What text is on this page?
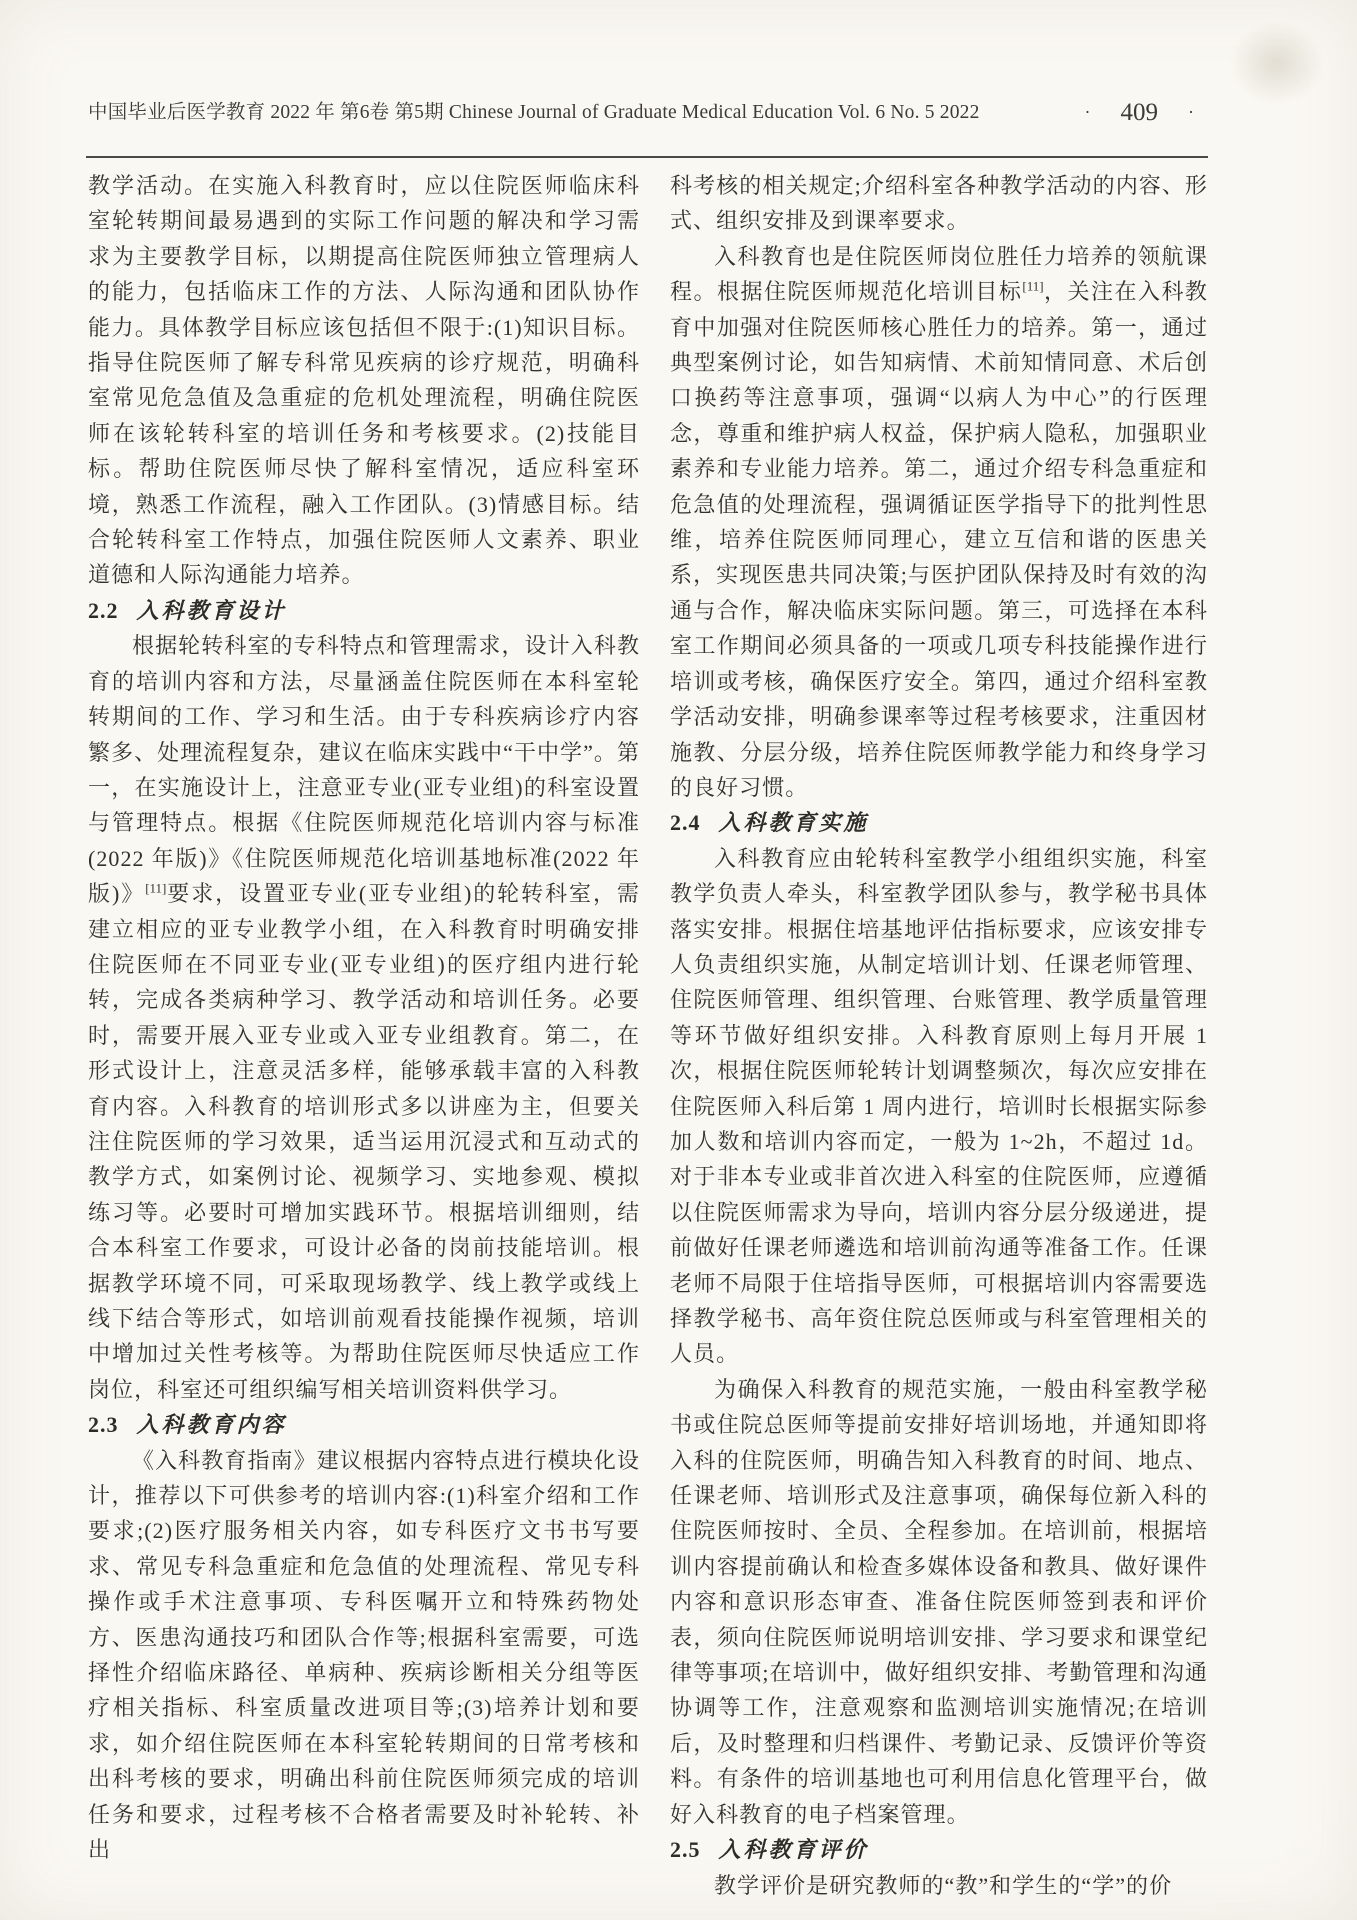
中国毕业后医学教育 2022 年 第6卷 第5期 Chinese Journal of Graduate Medical Education Vol. 6 No. 5 2022	· 409 ·

教学活动。在实施入科教育时，应以住院医师临床科室轮转期间最易遇到的实际工作问题的解决和学习需求为主要教学目标，以期提高住院医师独立管理病人的能力，包括临床工作的方法、人际沟通和团队协作能力。具体教学目标应该包括但不限于:(1)知识目标。指导住院医师了解专科常见疾病的诊疗规范，明确科室常见危急值及急重症的危机处理流程，明确住院医师在该轮转科室的培训任务和考核要求。(2)技能目标。帮助住院医师尽快了解科室情况，适应科室环境，熟悉工作流程，融入工作团队。(3)情感目标。结合轮转科室工作特点，加强住院医师人文素养、职业道德和人际沟通能力培养。

2.2 入科教育设计

根据轮转科室的专科特点和管理需求，设计入科教育的培训内容和方法，尽量涵盖住院医师在本科室轮转期间的工作、学习和生活。由于专科疾病诊疗内容繁多、处理流程复杂，建议在临床实践中“干中学”。第一，在实施设计上，注意亚专业(亚专业组)的科室设置与管理特点。根据《住院医师规范化培训内容与标准(2022 年版)》《住院医师规范化培训基地标准(2022 年版)》[11]要求，设置亚专业(亚专业组)的轮转科室，需建立相应的亚专业教学小组，在入科教育时明确安排住院医师在不同亚专业(亚专业组)的医疗组内进行轮转，完成各类病种学习、教学活动和培训任务。必要时，需要开展入亚专业或入亚专业组教育。第二，在形式设计上，注意灵活多样，能够承载丰富的入科教育内容。入科教育的培训形式多以讲座为主，但要关注住院医师的学习效果，适当运用沉浸式和互动式的教学方式，如案例讨论、视频学习、实地参观、模拟练习等。必要时可增加实践环节。根据培训细则，结合本科室工作要求，可设计必备的岗前技能培训。根据教学环境不同，可采取现场教学、线上教学或线上线下结合等形式，如培训前观看技能操作视频，培训中增加过关性考核等。为帮助住院医师尽快适应工作岗位，科室还可组织编写相关培训资料供学习。

2.3 入科教育内容

《入科教育指南》建议根据内容特点进行模块化设计，推荐以下可供参考的培训内容:(1)科室介绍和工作要求;(2)医疗服务相关内容，如专科医疗文书书写要求、常见专科急重症和危急值的处理流程、常见专科操作或手术注意事项、专科医嘱开立和特殊药物处方、医患沟通技巧和团队合作等;根据科室需要，可选择性介绍临床路径、单病种、疾病诊断相关分组等医疗相关指标、科室质量改进项目等;(3)培养计划和要求，如介绍住院医师在本科室轮转期间的日常考核和出科考核的要求，明确出科前住院医师须完成的培训任务和要求，过程考核不合格者需要及时补轮转、补出

科考核的相关规定;介绍科室各种教学活动的内容、形式、组织安排及到课率要求。

入科教育也是住院医师岗位胜任力培养的领航课程。根据住院医师规范化培训目标[11]，关注在入科教育中加强对住院医师核心胜任力的培养。第一，通过典型案例讨论，如告知病情、术前知情同意、术后创口换药等注意事项，强调“以病人为中心”的行医理念，尊重和维护病人权益，保护病人隐私，加强职业素养和专业能力培养。第二，通过介绍专科急重症和危急值的处理流程，强调循证医学指导下的批判性思维，培养住院医师同理心，建立互信和谐的医患关系，实现医患共同决策;与医护团队保持及时有效的沟通与合作，解决临床实际问题。第三，可选择在本科室工作期间必须具备的一项或几项专科技能操作进行培训或考核，确保医疗安全。第四，通过介绍科室教学活动安排，明确参课率等过程考核要求，注重因材施教、分层分级，培养住院医师教学能力和终身学习的良好习惯。

2.4 入科教育实施

入科教育应由轮转科室教学小组组织实施，科室教学负责人牵头，科室教学团队参与，教学秘书具体落实安排。根据住培基地评估指标要求，应该安排专人负责组织实施，从制定培训计划、任课老师管理、住院医师管理、组织管理、台账管理、教学质量管理等环节做好组织安排。入科教育原则上每月开展 1 次，根据住院医师轮转计划调整频次，每次应安排在住院医师入科后第 1 周内进行，培训时长根据实际参加人数和培训内容而定，一般为 1~2h，不超过 1d。对于非本专业或非首次进入科室的住院医师，应遵循以住院医师需求为导向，培训内容分层分级递进，提前做好任课老师遴选和培训前沟通等准备工作。任课老师不局限于住培指导医师，可根据培训内容需要选择教学秘书、高年资住院总医师或与科室管理相关的人员。

为确保入科教育的规范实施，一般由科室教学秘书或住院总医师等提前安排好培训场地，并通知即将入科的住院医师，明确告知入科教育的时间、地点、任课老师、培训形式及注意事项，确保每位新入科的住院医师按时、全员、全程参加。在培训前，根据培训内容提前确认和检查多媒体设备和教具、做好课件内容和意识形态审查、准备住院医师签到表和评价表，须向住院医师说明培训安排、学习要求和课堂纪律等事项;在培训中，做好组织安排、考勤管理和沟通协调等工作，注意观察和监测培训实施情况;在培训后，及时整理和归档课件、考勤记录、反馈评价等资料。有条件的培训基地也可利用信息化管理平台，做好入科教育的电子档案管理。

2.5 入科教育评价

教学评价是研究教师的“教”和学生的“学”的价
